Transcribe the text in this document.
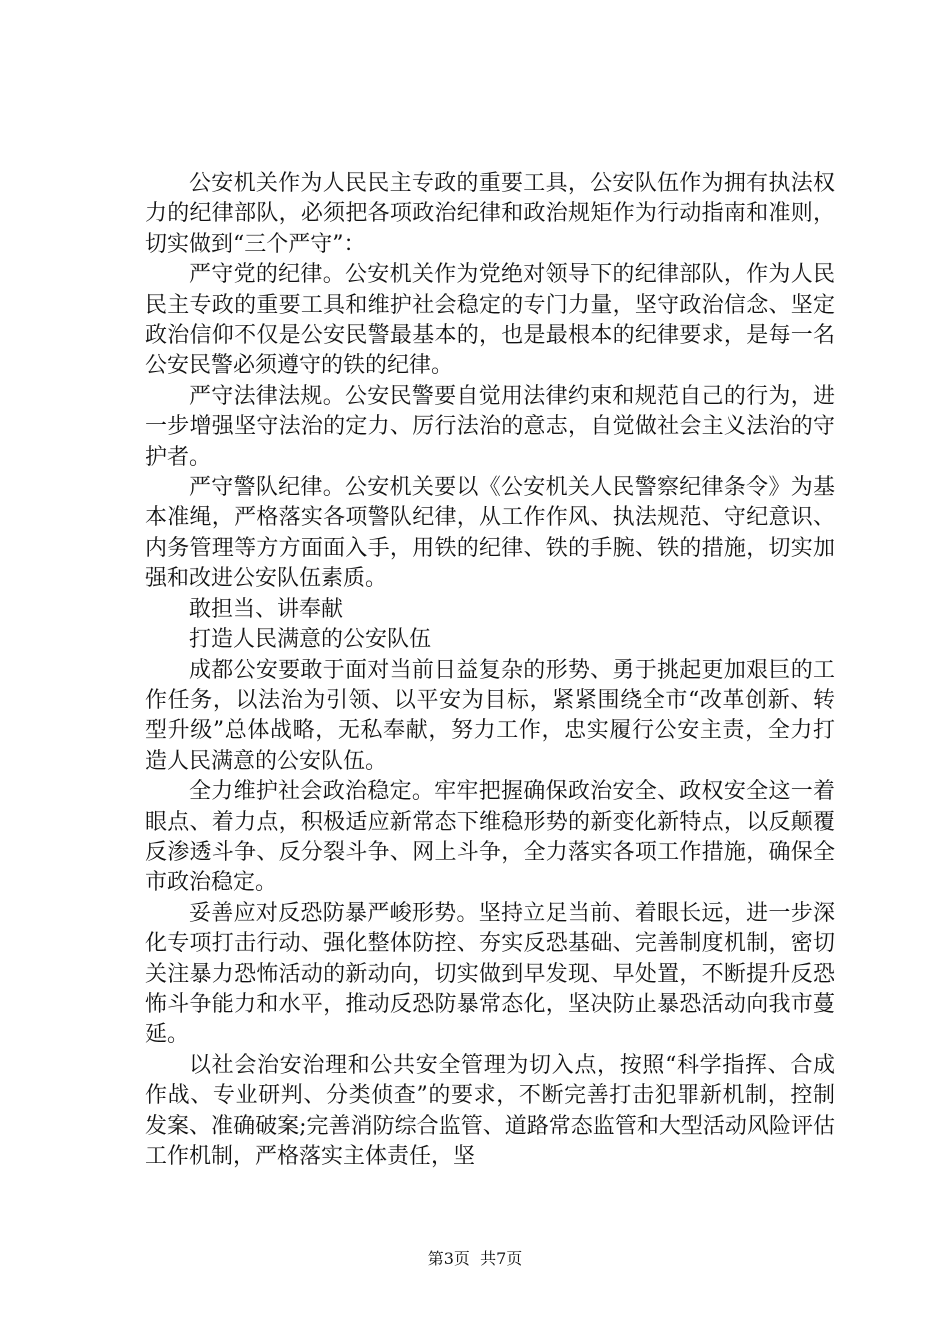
公安机关作为人民民主专政的重要工具，公安队伍作为拥有执法权力的纪律部队，必须把各项政治纪律和政治规矩作为行动指南和准则，切实做到“三个严守”：

严守党的纪律。公安机关作为党绝对领导下的纪律部队，作为人民民主专政的重要工具和维护社会稳定的专门力量，坚守政治信念、坚定政治信仰不仅是公安民警最基本的，也是最根本的纪律要求，是每一名公安民警必须遵守的铁的纪律。

严守法律法规。公安民警要自觉用法律约束和规范自己的行为，进一步增强坚守法治的定力、厉行法治的意志，自觉做社会主义法治的守护者。

严守警队纪律。公安机关要以《公安机关人民警察纪律条令》为基本准绳，严格落实各项警队纪律，从工作作风、执法规范、守纪意识、内务管理等方方面面入手，用铁的纪律、铁的手腕、铁的措施，切实加强和改进公安队伍素质。

敢担当、讲奉献

打造人民满意的公安队伍

成都公安要敢于面对当前日益复杂的形势、勇于挑起更加艰巨的工作任务，以法治为引领、以平安为目标，紧紧围绕全市“改革创新、转型升级”总体战略，无私奉献，努力工作，忠实履行公安主责，全力打造人民满意的公安队伍。

全力维护社会政治稳定。牢牢把握确保政治安全、政权安全这一着眼点、着力点，积极适应新常态下维稳形势的新变化新特点，以反颠覆反渗透斗争、反分裂斗争、网上斗争，全力落实各项工作措施，确保全市政治稳定。

妥善应对反恐防暴严峻形势。坚持立足当前、着眼长远，进一步深化专项打击行动、强化整体防控、夯实反恐基础、完善制度机制，密切关注暴力恐怖活动的新动向，切实做到早发现、早处置，不断提升反恐怖斗争能力和水平，推动反恐防暴常态化，坚决防止暴恐活动向我市蔓延。

以社会治安治理和公共安全管理为切入点，按照“科学指挥、合成作战、专业研判、分类侦查”的要求，不断完善打击犯罪新机制，控制发案、准确破案;完善消防综合监管、道路常态监管和大型活动风险评估工作机制，严格落实主体责任，坚

第3页  共7页
